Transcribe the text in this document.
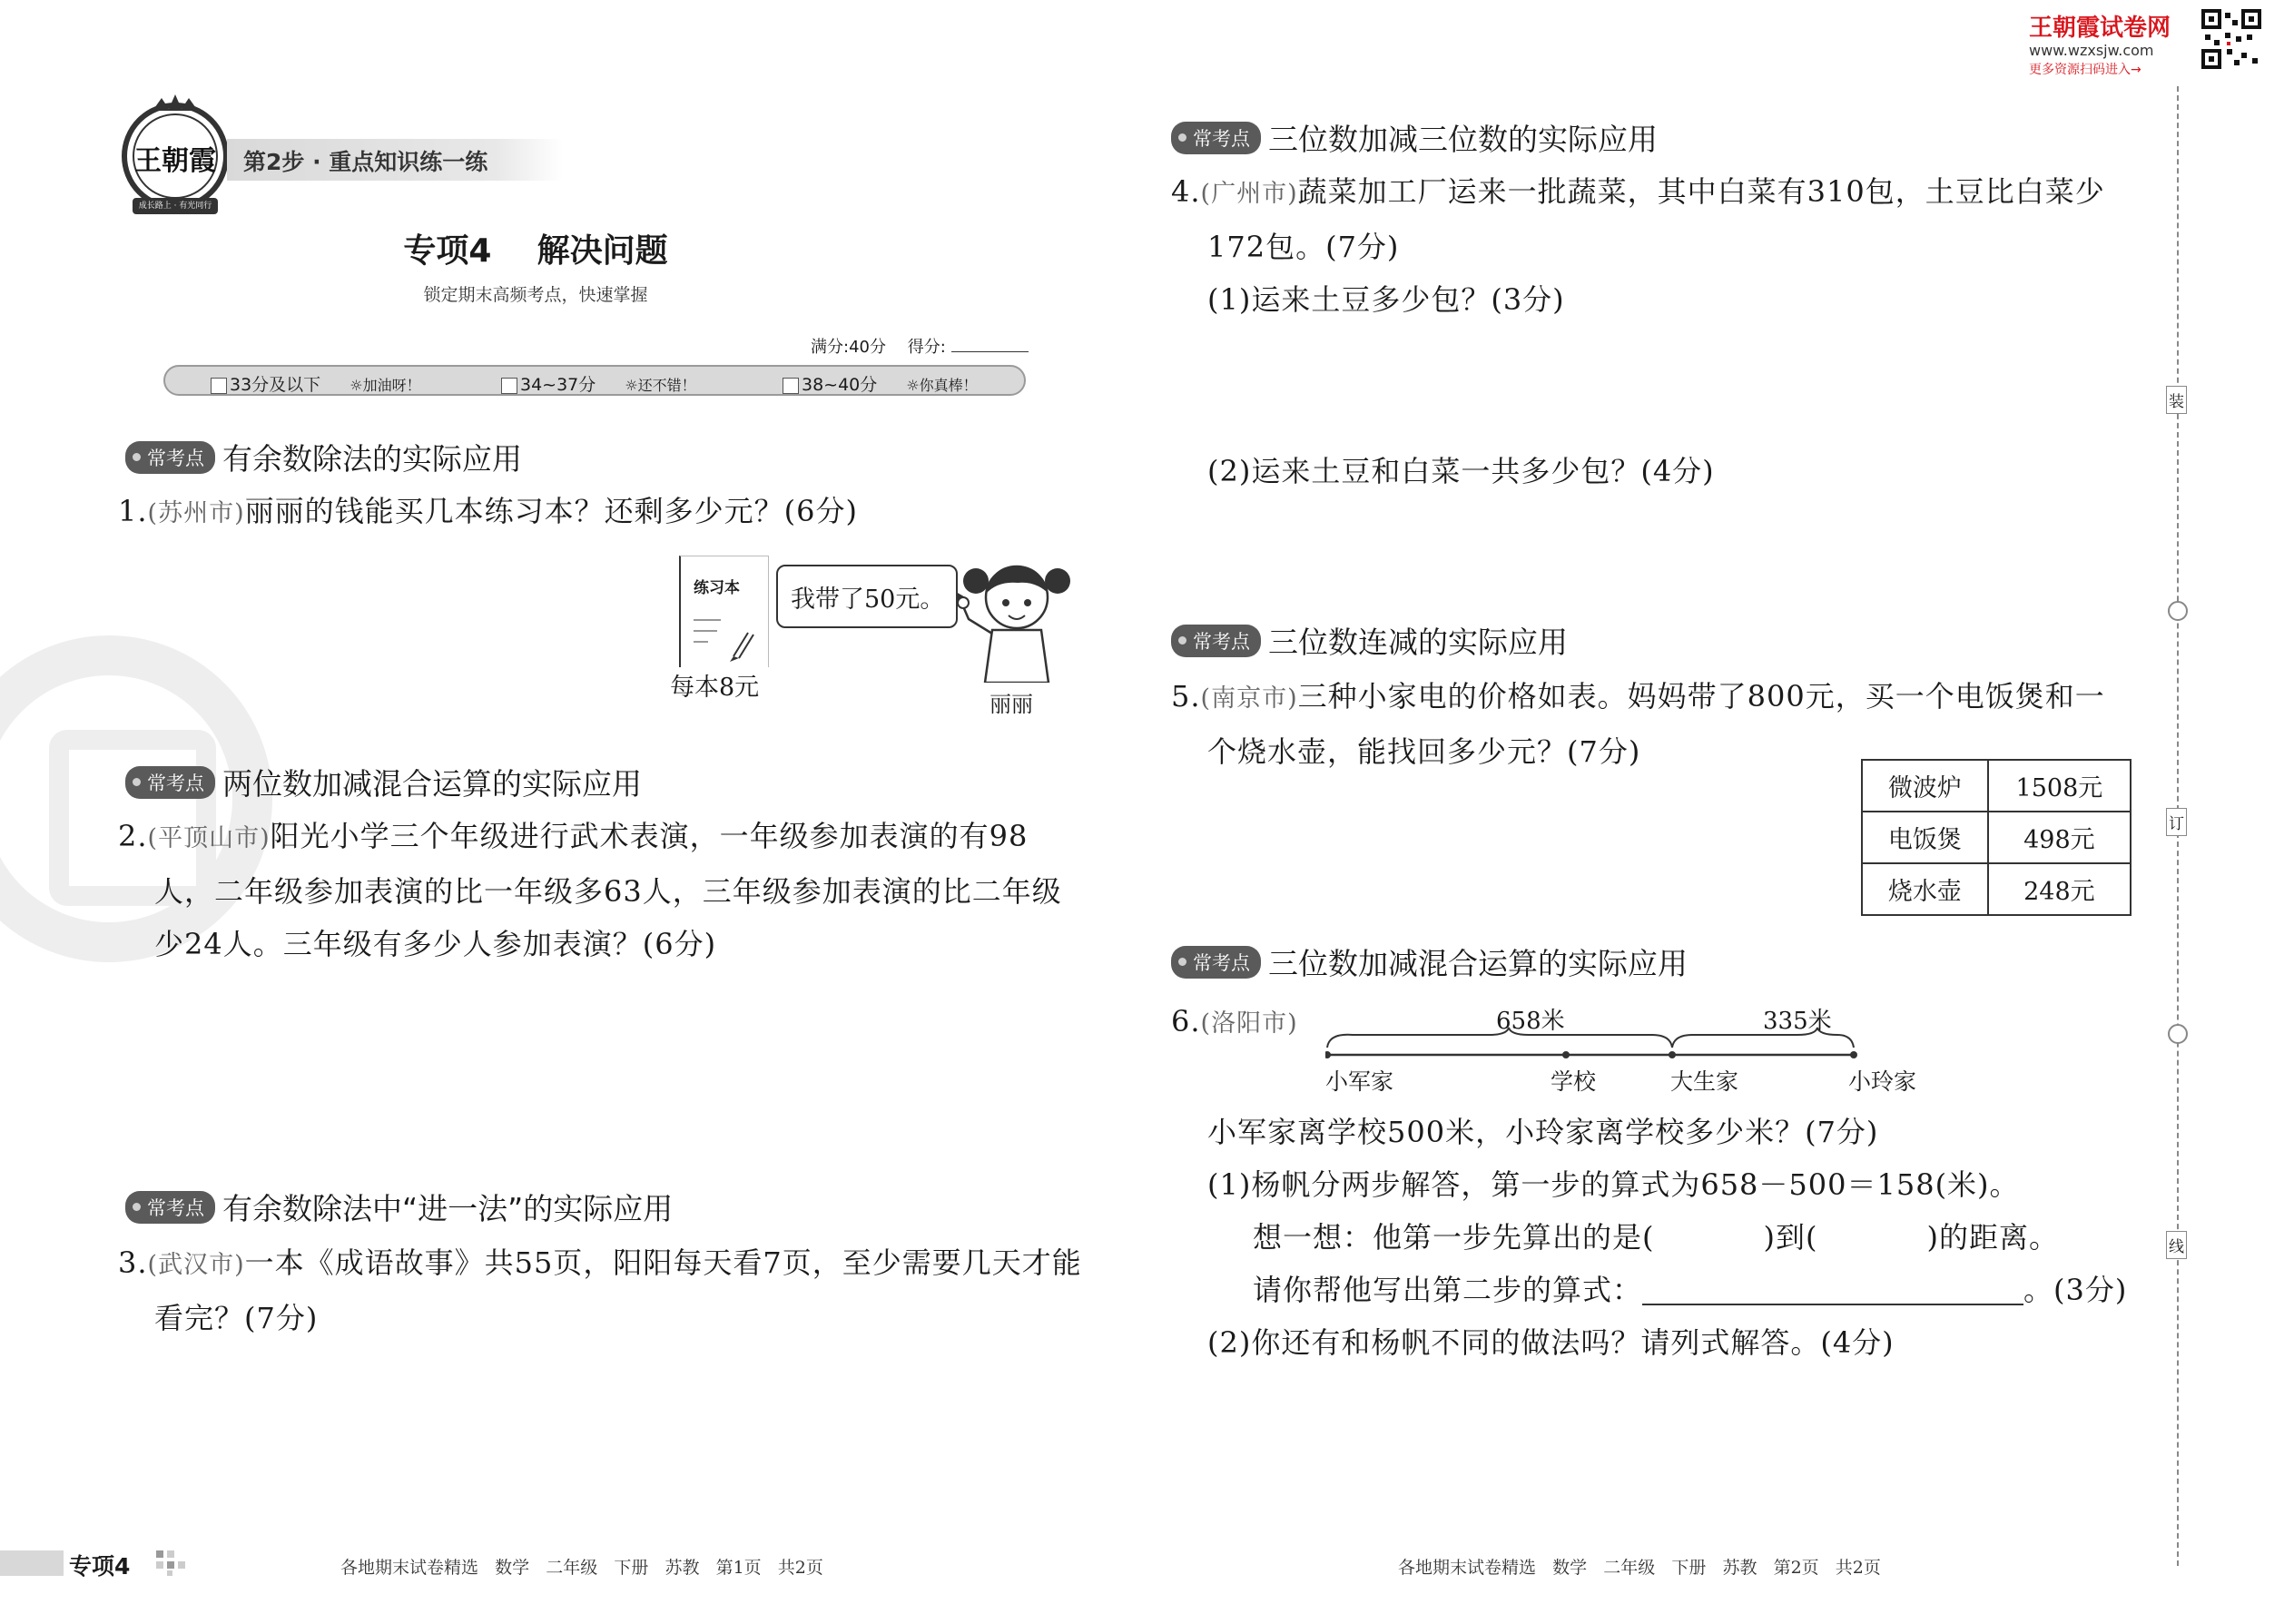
王朝霞试卷网
www.wzxsjw.com
更多资源扫码进入→
王朝霞
成长路上 · 有光同行
第2步 · 重点知识练一练
专项4    解决问题
锁定期末高频考点，快速掌握
满分:40分 得分:
33分及以下 ☼加油呀！	34~37分 ☼还不错！	38~40分 ☼你真棒！
常考点 有余数除法的实际应用
1.(苏州市)丽丽的钱能买几本练习本？还剩多少元？(6分)
练习本
每本8元
我带了50元。
丽丽
常考点 两位数加减混合运算的实际应用
2.(平顶山市)阳光小学三个年级进行武术表演，一年级参加表演的有98
人，二年级参加表演的比一年级多63人，三年级参加表演的比二年级
少24人。三年级有多少人参加表演？(6分)
常考点 有余数除法中“进一法”的实际应用
3.(武汉市)一本《成语故事》共55页，阳阳每天看7页，至少需要几天才能
看完？(7分)
常考点 三位数加减三位数的实际应用
4.(广州市)蔬菜加工厂运来一批蔬菜，其中白菜有310包，土豆比白菜少
172包。(7分)
(1)运来土豆多少包？(3分)
(2)运来土豆和白菜一共多少包？(4分)
常考点 三位数连减的实际应用
5.(南京市)三种小家电的价格如表。妈妈带了800元，买一个电饭煲和一
个烧水壶，能找回多少元？(7分)
微波炉	1508元
电饭煲	498元
烧水壶	248元
常考点 三位数加减混合运算的实际应用
6.(洛阳市)	658米	335米
小军家	学校	大生家	小玲家
小军家离学校500米，小玲家离学校多少米？(7分)
(1)杨帆分两步解答，第一步的算式为658－500＝158(米)。
想一想：他第一步先算出的是(	)到(	)的距离。
请你帮他写出第二步的算式：	。(3分)
(2)你还有和杨帆不同的做法吗？请列式解答。(4分)
装
订
线
专项4	各地期末试卷精选   数学   二年级   下册   苏教   第1页   共2页	各地期末试卷精选   数学   二年级   下册   苏教   第2页   共2页
